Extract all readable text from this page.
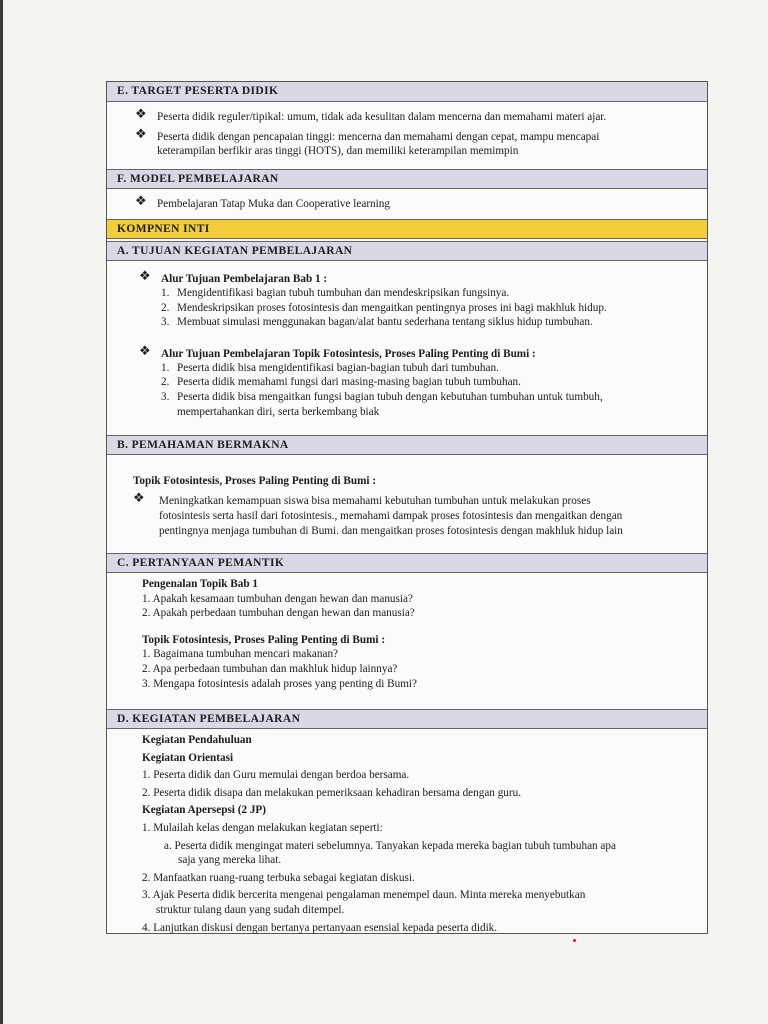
E. TARGET PESERTA DIDIK
❖ Peserta didik reguler/tipikal: umum, tidak ada kesulitan dalam mencerna dan memahami materi ajar.
❖ Peserta didik dengan pencapaian tinggi: mencerna dan memahami dengan cepat, mampu mencapai
keterampilan berfikir aras tinggi (HOTS), dan memiliki keterampilan memimpin
F. MODEL PEMBELAJARAN
❖ Pembelajaran Tatap Muka dan Cooperative learning
KOMPNEN INTI
A. TUJUAN KEGIATAN PEMBELAJARAN
❖ Alur Tujuan Pembelajaran Bab 1 :
1. Mengidentifikasi bagian tubuh tumbuhan dan mendeskripsikan fungsinya.
2. Mendeskripsikan proses fotosintesis dan mengaitkan pentingnya proses ini bagi makhluk hidup.
3. Membuat simulasi menggunakan bagan/alat bantu sederhana tentang siklus hidup tumbuhan.
❖ Alur Tujuan Pembelajaran Topik Fotosintesis, Proses Paling Penting di Bumi :
1. Peserta didik bisa mengidentifikasi bagian-bagian tubuh dari tumbuhan.
2. Peserta didik memahami fungsi dari masing-masing bagian tubuh tumbuhan.
3. Peserta didik bisa mengaitkan fungsi bagian tubuh dengan kebutuhan tumbuhan untuk tumbuh,
mempertahankan diri, serta berkembang biak
B. PEMAHAMAN BERMAKNA
Topik Fotosintesis, Proses Paling Penting di Bumi :
❖ Meningkatkan kemampuan siswa bisa memahami kebutuhan tumbuhan untuk melakukan proses
fotosintesis serta hasil dari fotosintesis., memahami dampak proses fotosintesis dan mengaitkan dengan
pentingnya menjaga tumbuhan di Bumi. dan mengaitkan proses fotosintesis dengan makhluk hidup lain
C. PERTANYAAN PEMANTIK
Pengenalan Topik Bab 1
1. Apakah kesamaan tumbuhan dengan hewan dan manusia?
2. Apakah perbedaan tumbuhan dengan hewan dan manusia?
Topik Fotosintesis, Proses Paling Penting di Bumi :
1. Bagaimana tumbuhan mencari makanan?
2. Apa perbedaan tumbuhan dan makhluk hidup lainnya?
3. Mengapa fotosintesis adalah proses yang penting di Bumi?
D. KEGIATAN PEMBELAJARAN
Kegiatan Pendahuluan
Kegiatan Orientasi
1. Peserta didik dan Guru memulai dengan berdoa bersama.
2. Peserta didik disapa dan melakukan pemeriksaan kehadiran bersama dengan guru.
Kegiatan Apersepsi (2 JP)
1. Mulailah kelas dengan melakukan kegiatan seperti:
a. Peserta didik mengingat materi sebelumnya. Tanyakan kepada mereka bagian tubuh tumbuhan apa
saja yang mereka lihat.
2. Manfaatkan ruang-ruang terbuka sebagai kegiatan diskusi.
3. Ajak Peserta didik bercerita mengenai pengalaman menempel daun. Minta mereka menyebutkan
struktur tulang daun yang sudah ditempel.
4. Lanjutkan diskusi dengan bertanya pertanyaan esensial kepada peserta didik.
